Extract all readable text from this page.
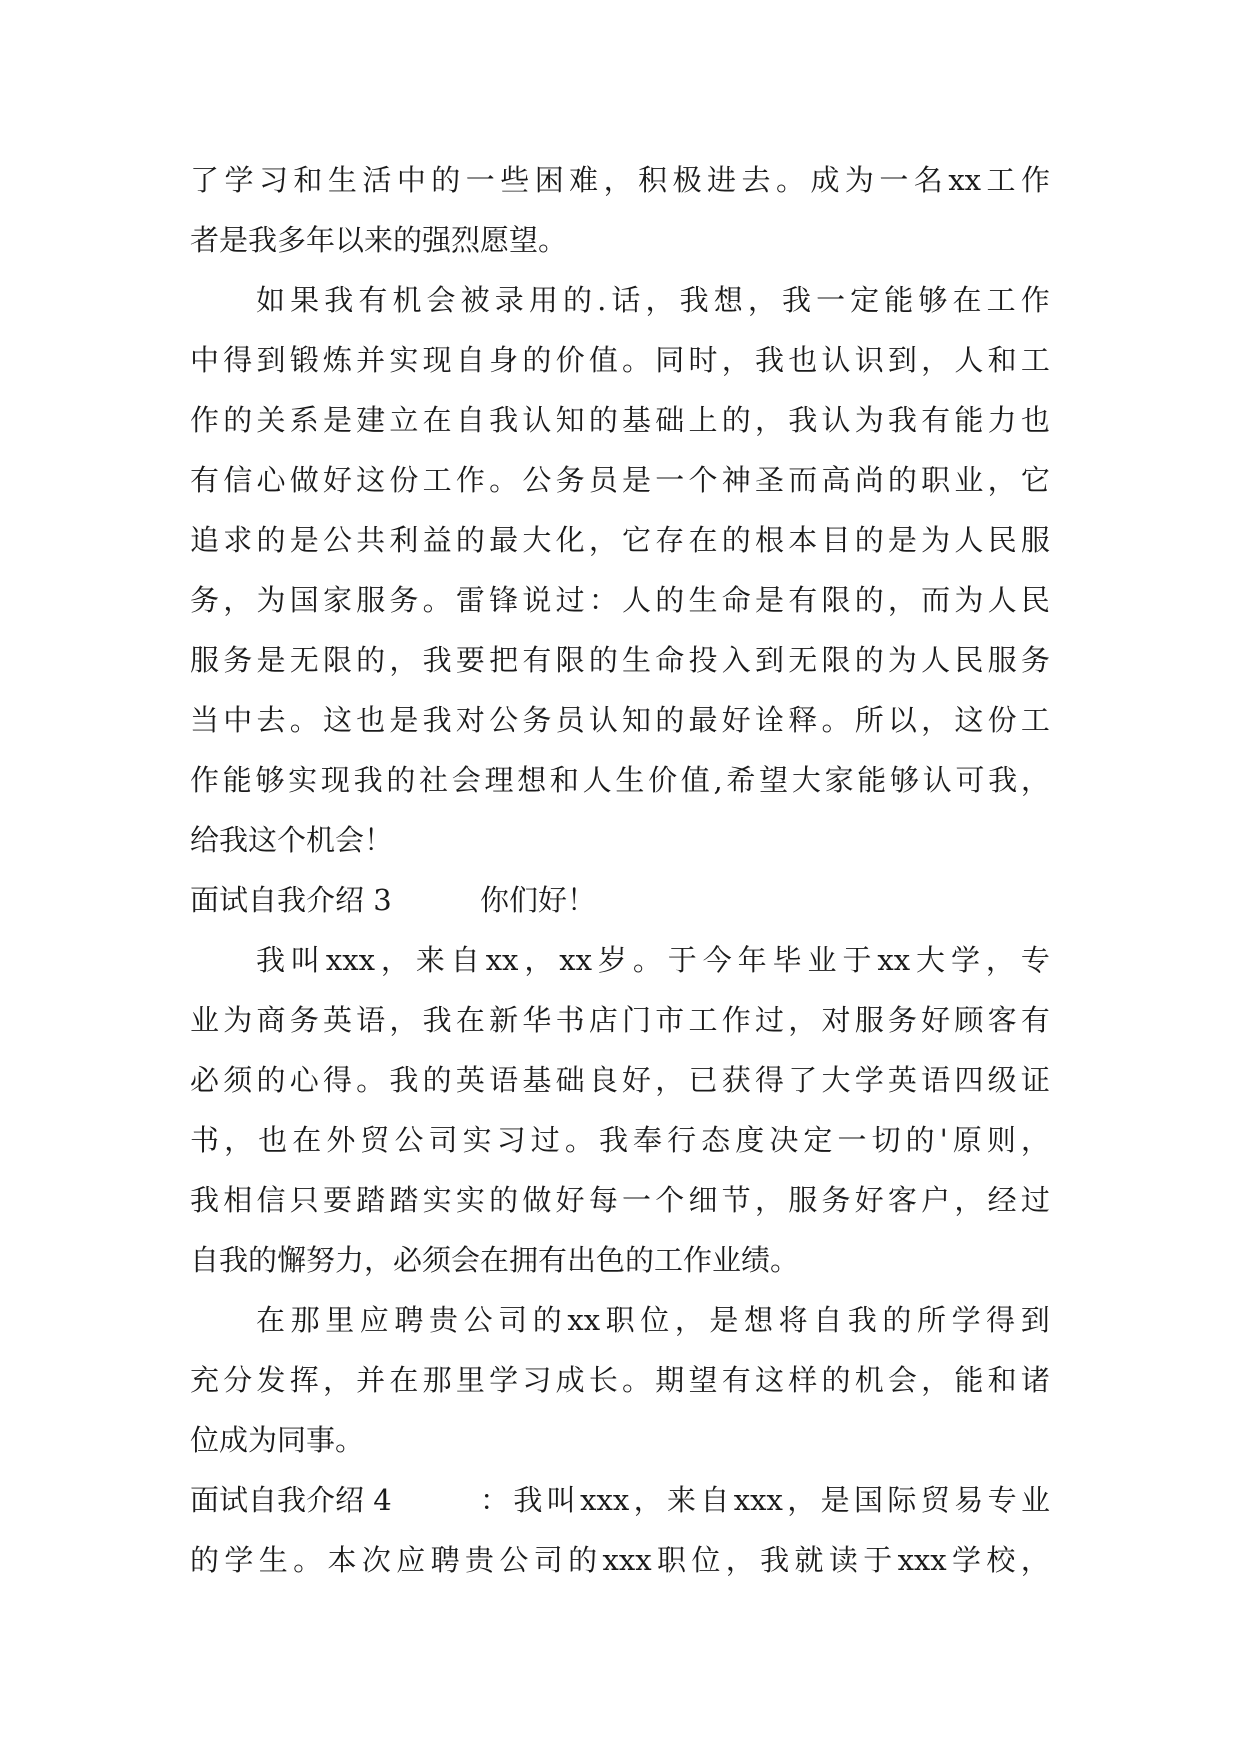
了 学 习 和 生 活 中 的 一 些 困 难 ， 积 极 进 去 。 成 为 一 名 xx 工 作
者是我多年以来的强烈愿望。
如 果 我 有 机 会 被 录 用 的 . 话 ， 我 想 ， 我 一 定 能 够 在 工 作
中 得 到 锻 炼 并 实 现 自 身 的 价 值 。 同 时 ， 我 也 认 识 到 ， 人 和 工
作 的 关 系 是 建 立 在 自 我 认 知 的 基 础 上 的 ， 我 认 为 我 有 能 力 也
有 信 心 做 好 这 份 工 作 。 公 务 员 是 一 个 神 圣 而 高 尚 的 职 业 ， 它
追 求 的 是 公 共 利 益 的 最 大 化 ， 它 存 在 的 根 本 目 的 是 为 人 民 服
务 ， 为 国 家 服 务 。 雷 锋 说 过 ： 人 的 生 命 是 有 限 的 ， 而 为 人 民
服 务 是 无 限 的 ， 我 要 把 有 限 的 生 命 投 入 到 无 限 的 为 人 民 服 务
当 中 去 。 这 也 是 我 对 公 务 员 认 知 的 最 好 诠 释 。 所 以 ， 这 份 工
作 能 够 实 现 我 的 社 会 理 想 和 人 生 价 值 , 希 望 大 家 能 够 认 可 我 ，
给我这个机会！
面试自我介绍 3	你们好！
我 叫 xxx ， 来 自 xx ， xx 岁 。 于 今 年 毕 业 于 xx 大 学 ， 专
业 为 商 务 英 语 ， 我 在 新 华 书 店 门 市 工 作 过 ， 对 服 务 好 顾 客 有
必 须 的 心 得 。 我 的 英 语 基 础 良 好 ， 已 获 得 了 大 学 英 语 四 级 证
书 ， 也 在 外 贸 公 司 实 习 过 。 我 奉 行 态 度 决 定 一 切 的 ' 原 则 ，
我 相 信 只 要 踏 踏 实 实 的 做 好 每 一 个 细 节 ， 服 务 好 客 户 ， 经 过
自我的懈努力，必须会在拥有出色的工作业绩。
在 那 里 应 聘 贵 公 司 的 xx 职 位 ， 是 想 将 自 我 的 所 学 得 到
充 分 发 挥 ， 并 在 那 里 学 习 成 长 。 期 望 有 这 样 的 机 会 ， 能 和 诸
位成为同事。
面试自我介绍 4	： 我 叫 xxx ， 来 自 xxx ， 是 国 际 贸 易 专 业
的 学 生 。 本 次 应 聘 贵 公 司 的 xxx 职 位 ， 我 就 读 于 xxx 学 校 ，
